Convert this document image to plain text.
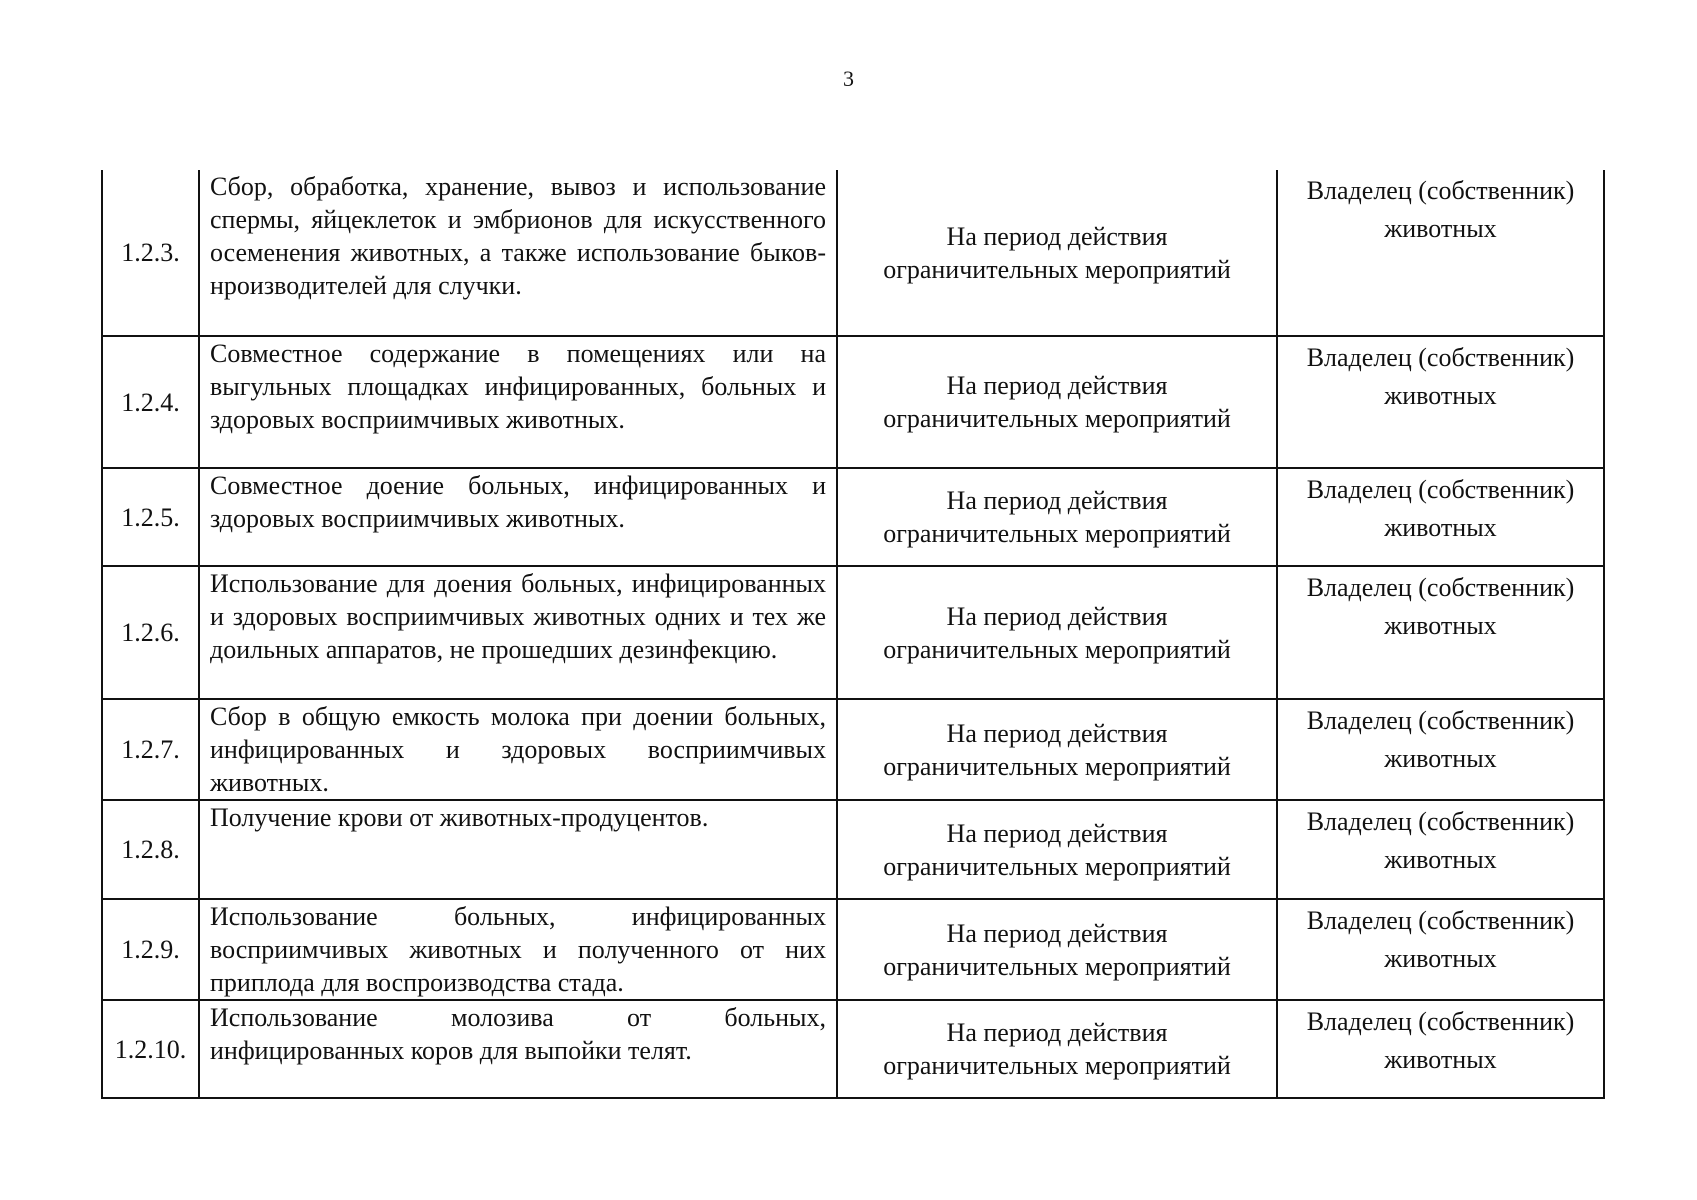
3
1.2.3.	Сбор, обработка, хранение, вывоз и использование спермы, яйцеклеток и эмбрионов для искусственного осеменения животных, а также использование быков-нроизводителей для случки.	На период действия ограничительных мероприятий	Владелец (собственник) животных
1.2.4.	Совместное содержание в помещениях или на выгульных площадках инфицированных, больных и здоровых восприимчивых животных.	На период действия ограничительных мероприятий	Владелец (собственник) животных
1.2.5.	Совместное доение больных, инфицированных и здоровых восприимчивых животных.	На период действия ограничительных мероприятий	Владелец (собственник) животных
1.2.6.	Использование для доения больных, инфицированных и здоровых восприимчивых животных одних и тех же доильных аппаратов, не прошедших дезинфекцию.	На период действия ограничительных мероприятий	Владелец (собственник) животных
1.2.7.	Сбор в общую емкость молока при доении больных, инфицированных и здоровых восприимчивых животных.	На период действия ограничительных мероприятий	Владелец (собственник) животных
1.2.8.	Получение крови от животных-продуцентов.	На период действия ограничительных мероприятий	Владелец (собственник) животных
1.2.9.	Использование больных, инфицированных восприимчивых животных и полученного от них приплода для воспроизводства стада.	На период действия ограничительных мероприятий	Владелец (собственник) животных
1.2.10.	Использование молозива от больных, инфицированных коров для выпойки телят.	На период действия ограничительных мероприятий	Владелец (собственник) животных
